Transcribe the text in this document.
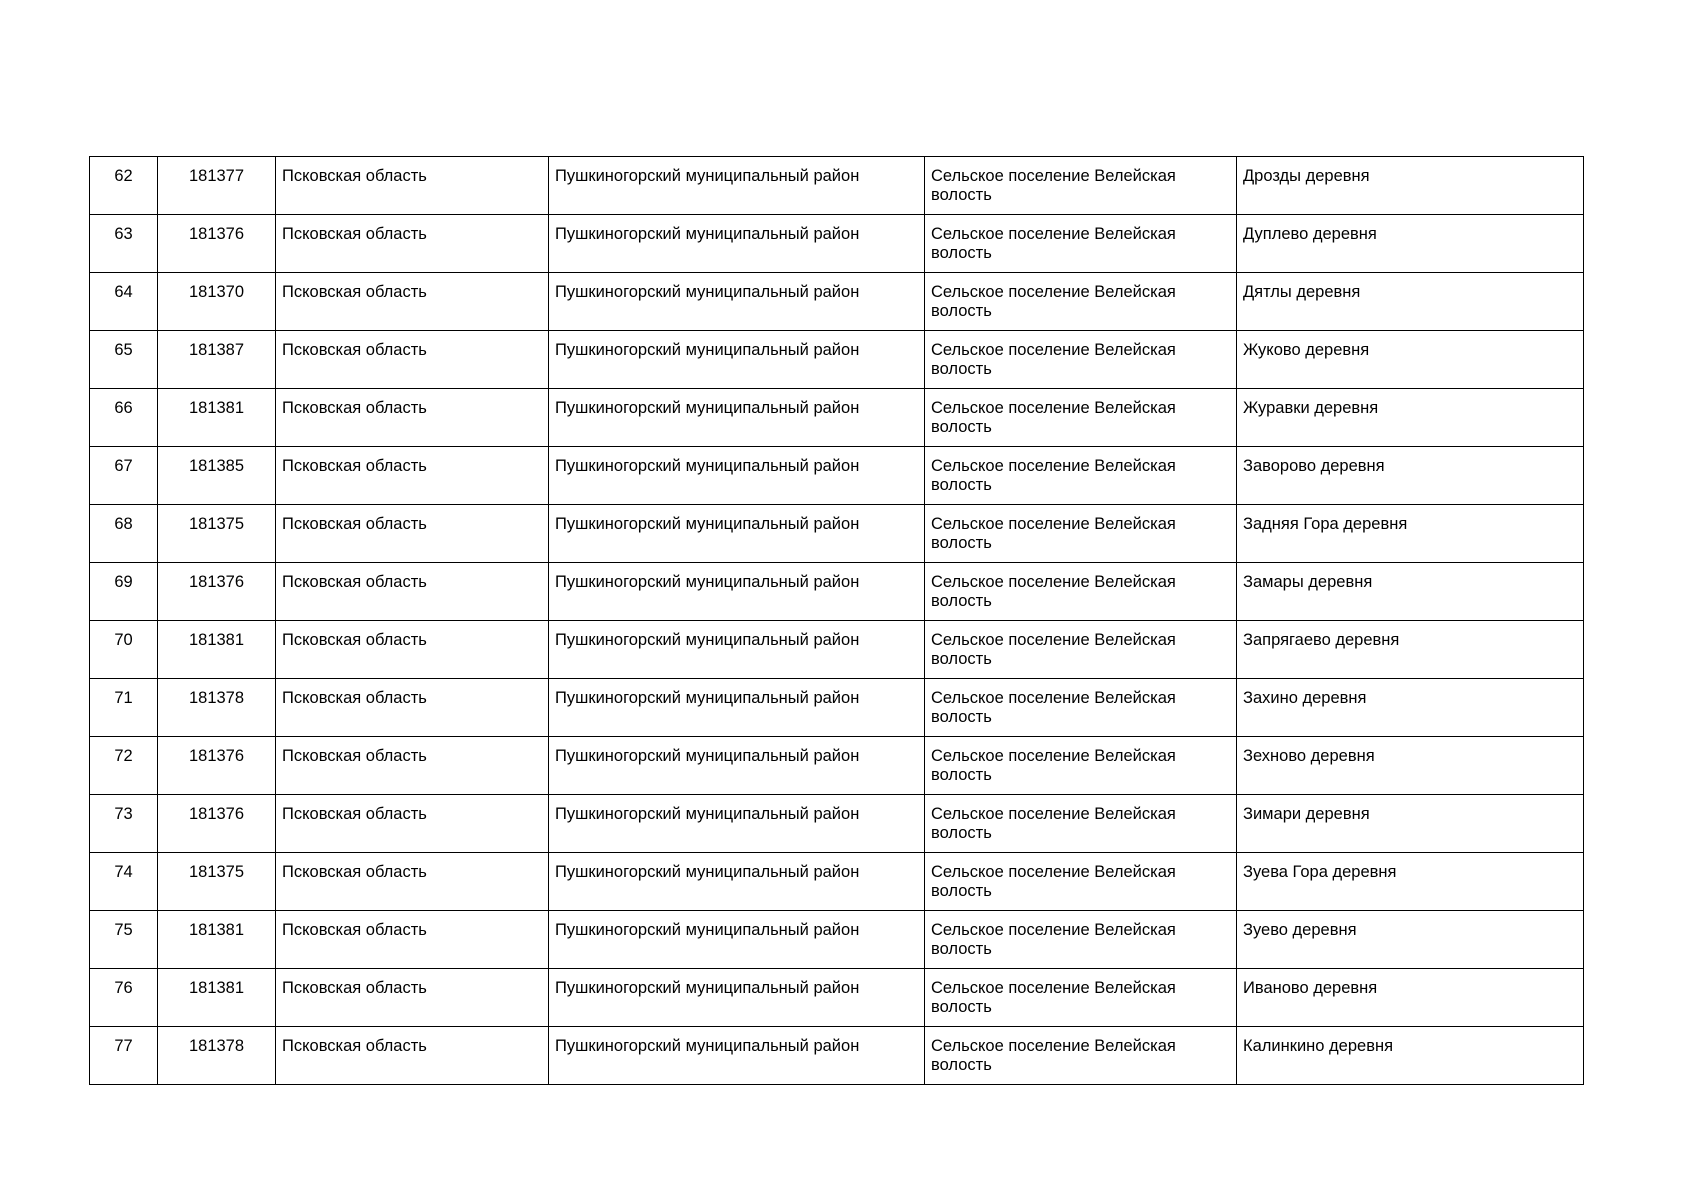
62	181377	Псковская область	Пушкиногорский муниципальный район	Сельское поселение Велейская волость	Дрозды деревня
63	181376	Псковская область	Пушкиногорский муниципальный район	Сельское поселение Велейская волость	Дуплево деревня
64	181370	Псковская область	Пушкиногорский муниципальный район	Сельское поселение Велейская волость	Дятлы деревня
65	181387	Псковская область	Пушкиногорский муниципальный район	Сельское поселение Велейская волость	Жуково деревня
66	181381	Псковская область	Пушкиногорский муниципальный район	Сельское поселение Велейская волость	Журавки деревня
67	181385	Псковская область	Пушкиногорский муниципальный район	Сельское поселение Велейская волость	Заворово деревня
68	181375	Псковская область	Пушкиногорский муниципальный район	Сельское поселение Велейская волость	Задняя Гора деревня
69	181376	Псковская область	Пушкиногорский муниципальный район	Сельское поселение Велейская волость	Замары деревня
70	181381	Псковская область	Пушкиногорский муниципальный район	Сельское поселение Велейская волость	Запрягаево деревня
71	181378	Псковская область	Пушкиногорский муниципальный район	Сельское поселение Велейская волость	Захино деревня
72	181376	Псковская область	Пушкиногорский муниципальный район	Сельское поселение Велейская волость	Зехново деревня
73	181376	Псковская область	Пушкиногорский муниципальный район	Сельское поселение Велейская волость	Зимари деревня
74	181375	Псковская область	Пушкиногорский муниципальный район	Сельское поселение Велейская волость	Зуева Гора деревня
75	181381	Псковская область	Пушкиногорский муниципальный район	Сельское поселение Велейская волость	Зуево деревня
76	181381	Псковская область	Пушкиногорский муниципальный район	Сельское поселение Велейская волость	Иваново деревня
77	181378	Псковская область	Пушкиногорский муниципальный район	Сельское поселение Велейская волость	Калинкино деревня
